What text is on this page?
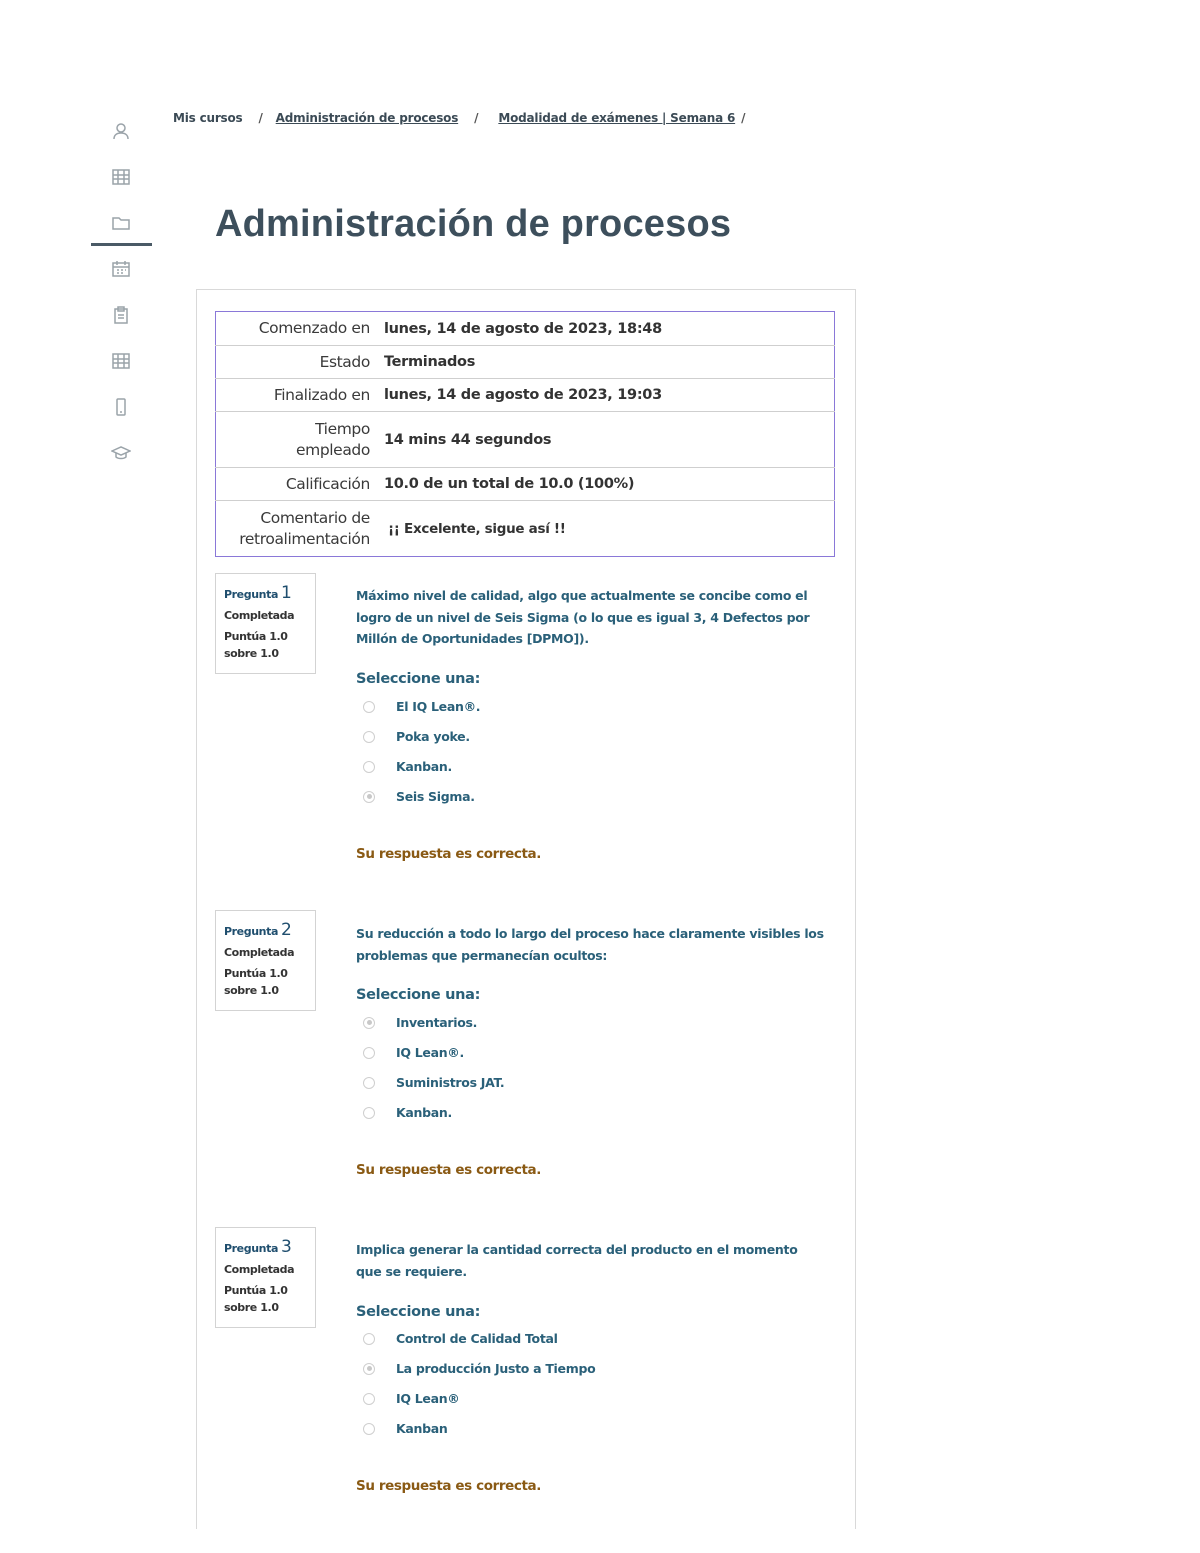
Mis cursos / Administración de procesos / Modalidad de exámenes | Semana 6 /
Administración de procesos
Comenzado en	lunes, 14 de agosto de 2023, 18:48
Estado	Terminados
Finalizado en	lunes, 14 de agosto de 2023, 19:03
Tiempo empleado	14 mins 44 segundos
Calificación	10.0 de un total de 10.0 (100%)
Comentario de retroalimentación	¡¡ Excelente, sigue así !!
Pregunta 1
Completada
Puntúa 1.0 sobre 1.0
Máximo nivel de calidad, algo que actualmente se concibe como el logro de un nivel de Seis Sigma (o lo que es igual 3, 4 Defectos por Millón de Oportunidades [DPMO]).
Seleccione una:
El IQ Lean®.
Poka yoke.
Kanban.
Seis Sigma.
Su respuesta es correcta.
Pregunta 2
Completada
Puntúa 1.0 sobre 1.0
Su reducción a todo lo largo del proceso hace claramente visibles los problemas que permanecían ocultos:
Seleccione una:
Inventarios.
IQ Lean®.
Suministros JAT.
Kanban.
Su respuesta es correcta.
Pregunta 3
Completada
Puntúa 1.0 sobre 1.0
Implica generar la cantidad correcta del producto en el momento que se requiere.
Seleccione una:
Control de Calidad Total
La producción Justo a Tiempo
IQ Lean®
Kanban
Su respuesta es correcta.
